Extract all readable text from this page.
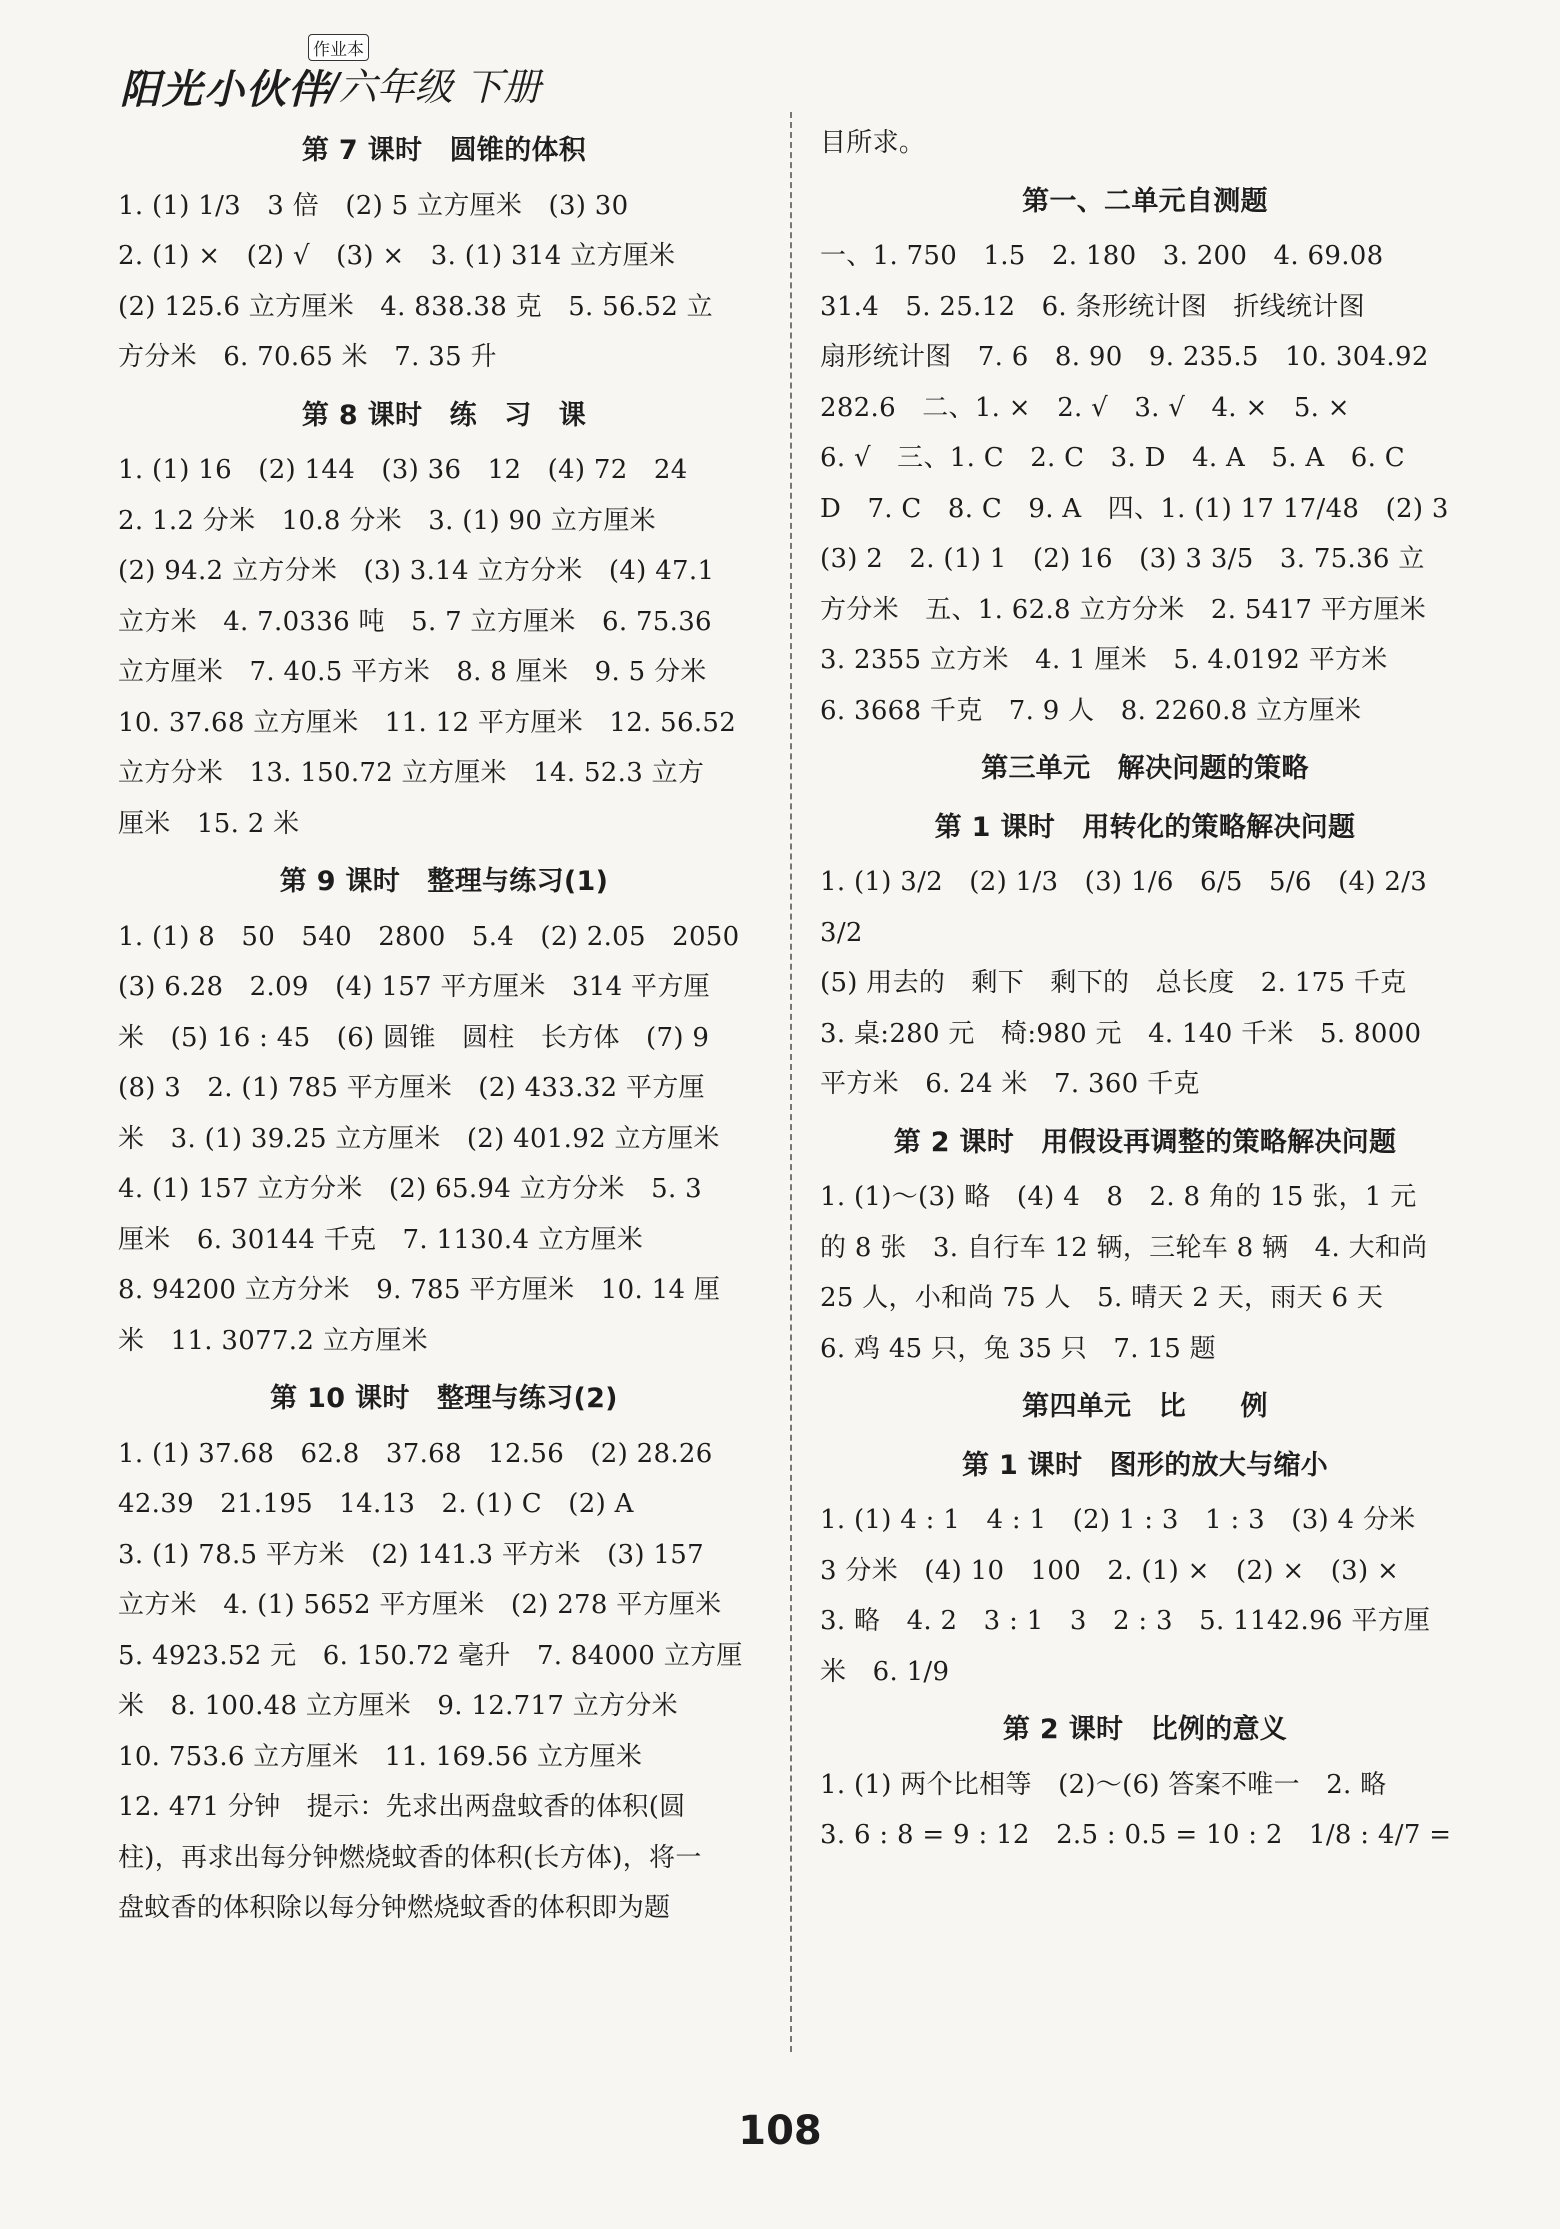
阳光小伙伴
作业本
/六年级 下册
第 7 课时　圆锥的体积
1. (1) 1/3　3 倍　(2) 5 立方厘米　(3) 30
2. (1) ×　(2) √　(3) ×　3. (1) 314 立方厘米
(2) 125.6 立方厘米　4. 838.38 克　5. 56.52 立
方分米　6. 70.65 米　7. 35 升
第 8 课时　练　习　课
1. (1) 16　(2) 144　(3) 36　12　(4) 72　24
2. 1.2 分米　10.8 分米　3. (1) 90 立方厘米
(2) 94.2 立方分米　(3) 3.14 立方分米　(4) 47.1
立方米　4. 7.0336 吨　5. 7 立方厘米　6. 75.36
立方厘米　7. 40.5 平方米　8. 8 厘米　9. 5 分米
10. 37.68 立方厘米　11. 12 平方厘米　12. 56.52
立方分米　13. 150.72 立方厘米　14. 52.3 立方
厘米　15. 2 米
第 9 课时　整理与练习(1)
1. (1) 8　50　540　2800　5.4　(2) 2.05　2050
(3) 6.28　2.09　(4) 157 平方厘米　314 平方厘
米　(5) 16 : 45　(6) 圆锥　圆柱　长方体　(7) 9
(8) 3　2. (1) 785 平方厘米　(2) 433.32 平方厘
米　3. (1) 39.25 立方厘米　(2) 401.92 立方厘米
4. (1) 157 立方分米　(2) 65.94 立方分米　5. 3
厘米　6. 30144 千克　7. 1130.4 立方厘米
8. 94200 立方分米　9. 785 平方厘米　10. 14 厘
米　11. 3077.2 立方厘米
第 10 课时　整理与练习(2)
1. (1) 37.68　62.8　37.68　12.56　(2) 28.26
42.39　21.195　14.13　2. (1) C　(2) A
3. (1) 78.5 平方米　(2) 141.3 平方米　(3) 157
立方米　4. (1) 5652 平方厘米　(2) 278 平方厘米
5. 4923.52 元　6. 150.72 毫升　7. 84000 立方厘
米　8. 100.48 立方厘米　9. 12.717 立方分米
10. 753.6 立方厘米　11. 169.56 立方厘米
12. 471 分钟　提示：先求出两盘蚊香的体积(圆
柱)，再求出每分钟燃烧蚊香的体积(长方体)，将一
盘蚊香的体积除以每分钟燃烧蚊香的体积即为题
目所求。
第一、二单元自测题
一、1. 750　1.5　2. 180　3. 200　4. 69.08
31.4　5. 25.12　6. 条形统计图　折线统计图
扇形统计图　7. 6　8. 90　9. 235.5　10. 304.92
282.6　二、1. ×　2. √　3. √　4. ×　5. ×
6. √　三、1. C　2. C　3. D　4. A　5. A　6. C
D　7. C　8. C　9. A　四、1. (1) 17 17/48　(2) 3
(3) 2　2. (1) 1　(2) 16　(3) 3 3/5　3. 75.36 立
方分米　五、1. 62.8 立方分米　2. 5417 平方厘米
3. 2355 立方米　4. 1 厘米　5. 4.0192 平方米
6. 3668 千克　7. 9 人　8. 2260.8 立方厘米
第三单元　解决问题的策略
第 1 课时　用转化的策略解决问题
1. (1) 3/2　(2) 1/3　(3) 1/6　6/5　5/6　(4) 2/3　3/2
(5) 用去的　剩下　剩下的　总长度　2. 175 千克
3. 桌:280 元　椅:980 元　4. 140 千米　5. 8000
平方米　6. 24 米　7. 360 千克
第 2 课时　用假设再调整的策略解决问题
1. (1)～(3) 略　(4) 4　8　2. 8 角的 15 张，1 元
的 8 张　3. 自行车 12 辆，三轮车 8 辆　4. 大和尚
25 人，小和尚 75 人　5. 晴天 2 天，雨天 6 天
6. 鸡 45 只，兔 35 只　7. 15 题
第四单元　比　　例
第 1 课时　图形的放大与缩小
1. (1) 4 : 1　4 : 1　(2) 1 : 3　1 : 3　(3) 4 分米
3 分米　(4) 10　100　2. (1) ×　(2) ×　(3) ×
3. 略　4. 2　3 : 1　3　2 : 3　5. 1142.96 平方厘
米　6. 1/9
第 2 课时　比例的意义
1. (1) 两个比相等　(2)～(6) 答案不唯一　2. 略
3. 6 : 8 = 9 : 12　2.5 : 0.5 = 10 : 2　1/8 : 4/7 =
108
